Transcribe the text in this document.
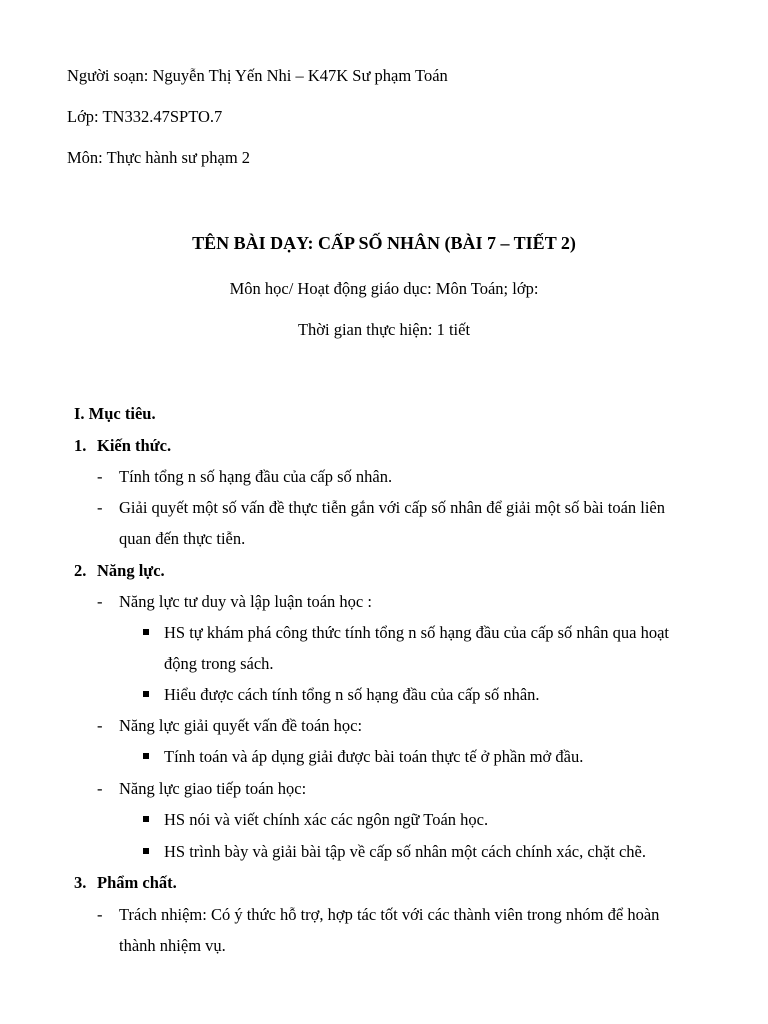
Người soạn: Nguyễn Thị Yến Nhi – K47K Sư phạm Toán
Lớp: TN332.47SPTO.7
Môn: Thực hành sư phạm 2
TÊN BÀI DẠY: CẤP SỐ NHÂN (BÀI 7 – TIẾT 2)
Môn học/ Hoạt động giáo dục: Môn Toán; lớp:
Thời gian thực hiện: 1 tiết
I. Mục tiêu.
1. Kiến thức.
- Tính tổng n số hạng đầu của cấp số nhân.
- Giải quyết một số vấn đề thực tiễn gắn với cấp số nhân để giải một số bài toán liên
quan đến thực tiễn.
2. Năng lực.
- Năng lực tư duy và lập luận toán học :
HS tự khám phá công thức tính tổng n số hạng đầu của cấp số nhân qua hoạt
động trong sách.
Hiểu được cách tính tổng n số hạng đầu của cấp số nhân.
- Năng lực giải quyết vấn đề toán học:
Tính toán và áp dụng giải được bài toán thực tế ở phần mở đầu.
- Năng lực giao tiếp toán học:
HS nói và viết chính xác các ngôn ngữ Toán học.
HS trình bày và giải bài tập về cấp số nhân một cách chính xác, chặt chẽ.
3. Phẩm chất.
- Trách nhiệm: Có ý thức hỗ trợ, hợp tác tốt với các thành viên trong nhóm để hoàn
thành nhiệm vụ.
